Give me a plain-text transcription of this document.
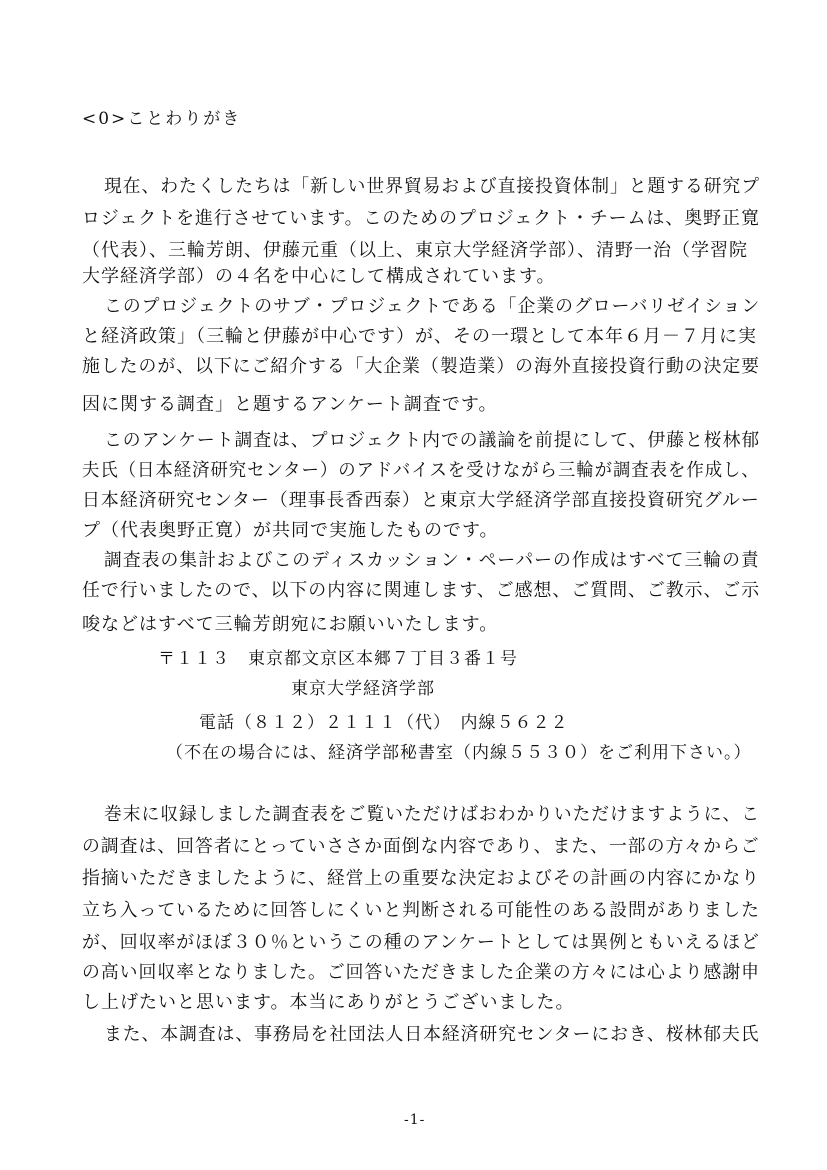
<0>ことわりがき
現在、わたくしたちは「新しい世界貿易および直接投資体制」と題する研究プ
ロジェクトを進行させています。このためのプロジェクト・チームは、奥野正寛
（代表）、三輪芳朗、伊藤元重（以上、東京大学経済学部）、清野一治（学習院
大学経済学部）の４名を中心にして構成されています。
このプロジェクトのサブ・プロジェクトである「企業のグローバリゼイション
と経済政策」（三輪と伊藤が中心です）が、その一環として本年６月－７月に実
施したのが、以下にご紹介する「大企業（製造業）の海外直接投資行動の決定要
因に関する調査」と題するアンケート調査です。
このアンケート調査は、プロジェクト内での議論を前提にして、伊藤と桜林郁
夫氏（日本経済研究センター）のアドバイスを受けながら三輪が調査表を作成し、
日本経済研究センター（理事長香西泰）と東京大学経済学部直接投資研究グルー
プ（代表奥野正寛）が共同で実施したものです。
調査表の集計およびこのディスカッション・ペーパーの作成はすべて三輪の責
任で行いましたので、以下の内容に関連します、ご感想、ご質問、ご教示、ご示
唆などはすべて三輪芳朗宛にお願いいたします。
〒１１３　東京都文京区本郷７丁目３番１号
東京大学経済学部
電話（８１２）２１１１（代）　内線５６２２
（不在の場合には、経済学部秘書室（内線５５３０）をご利用下さい。）
巻末に収録しました調査表をご覧いただけばおわかりいただけますように、こ
の調査は、回答者にとっていささか面倒な内容であり、また、一部の方々からご
指摘いただきましたように、経営上の重要な決定およびその計画の内容にかなり
立ち入っているために回答しにくいと判断される可能性のある設問がありました
が、回収率がほぼ３０％というこの種のアンケートとしては異例ともいえるほど
の高い回収率となりました。ご回答いただきました企業の方々には心より感謝申
し上げたいと思います。本当にありがとうございました。
また、本調査は、事務局を社団法人日本経済研究センターにおき、桜林郁夫氏
-1-
